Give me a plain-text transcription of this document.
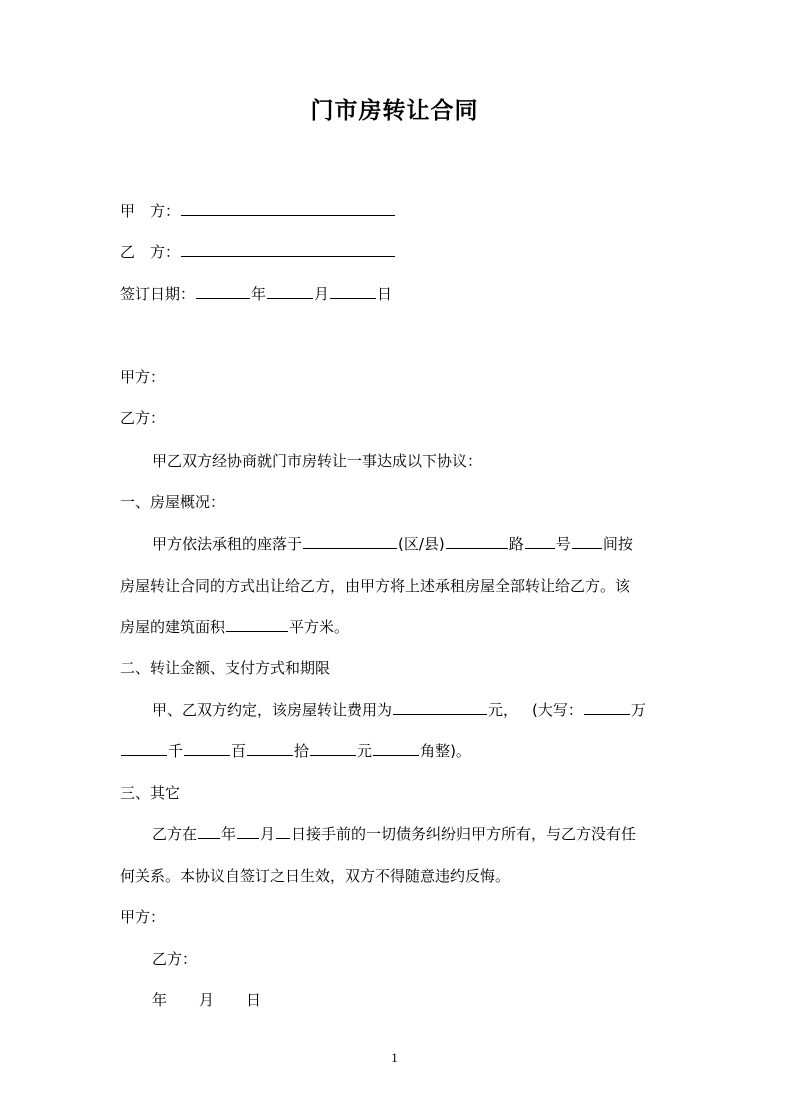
门市房转让合同
甲　方：
乙　方：
签订日期：	年	月	日
甲方：
乙方：
甲乙双方经协商就门市房转让一事达成以下协议：
一、房屋概况：
甲方依法承租的座落于	(区/县)	路 号 间按
房屋转让合同的方式出让给乙方，由甲方将上述承租房屋全部转让给乙方。该
房屋的建筑面积	平方米。
二、转让金额、支付方式和期限
甲、乙双方约定，该房屋转让费用为	元， (大写：	万
千	百	拾	元	角整)。
三、其它
乙方在 年 月 日接手前的一切债务纠纷归甲方所有，与乙方没有任
何关系。本协议自签订之日生效，双方不得随意违约反悔。
甲方：
乙方：
年 月 日
1
